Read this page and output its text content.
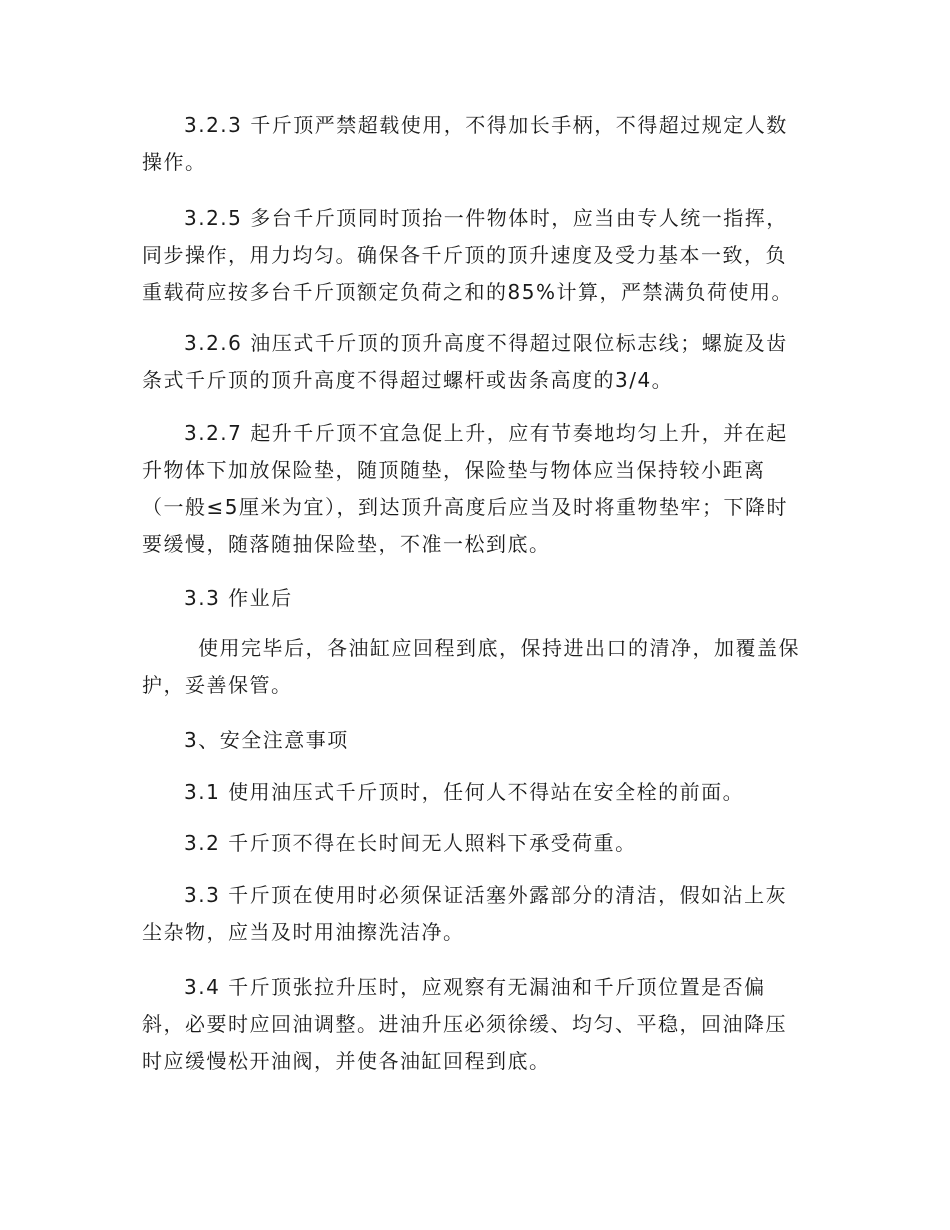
3.2.3 千斤顶严禁超载使用，不得加长手柄，不得超过规定人数
操作。

3.2.5 多台千斤顶同时顶抬一件物体时，应当由专人统一指挥，
同步操作，用力均匀。确保各千斤顶的顶升速度及受力基本一致，负
重载荷应按多台千斤顶额定负荷之和的85%计算，严禁满负荷使用。

3.2.6 油压式千斤顶的顶升高度不得超过限位标志线；螺旋及齿
条式千斤顶的顶升高度不得超过螺杆或齿条高度的3/4。

3.2.7 起升千斤顶不宜急促上升，应有节奏地均匀上升，并在起
升物体下加放保险垫，随顶随垫，保险垫与物体应当保持较小距离
（一般≤5厘米为宜），到达顶升高度后应当及时将重物垫牢；下降时
要缓慢，随落随抽保险垫，不准一松到底。

3.3 作业后

使用完毕后，各油缸应回程到底，保持进出口的清净，加覆盖保
护，妥善保管。

3、安全注意事项

3.1 使用油压式千斤顶时，任何人不得站在安全栓的前面。

3.2 千斤顶不得在长时间无人照料下承受荷重。

3.3 千斤顶在使用时必须保证活塞外露部分的清洁，假如沾上灰
尘杂物，应当及时用油擦洗洁净。

3.4 千斤顶张拉升压时，应观察有无漏油和千斤顶位置是否偏
斜，必要时应回油调整。进油升压必须徐缓、均匀、平稳，回油降压
时应缓慢松开油阀，并使各油缸回程到底。
